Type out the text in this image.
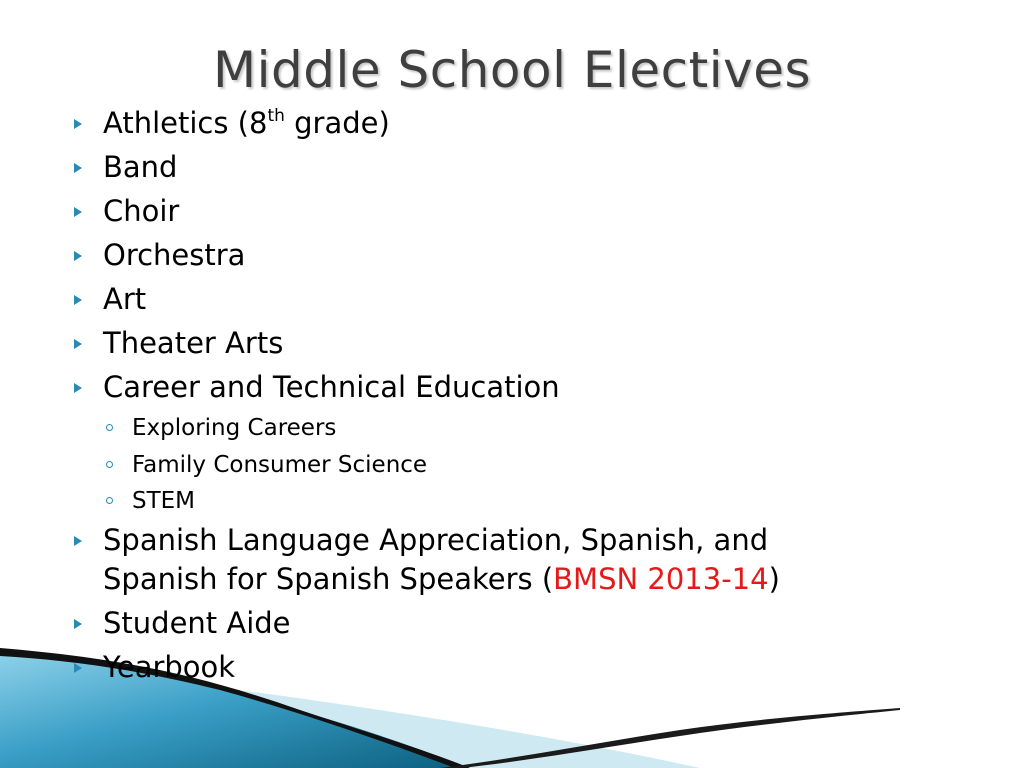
Middle School Electives
Athletics (8th grade)
Band
Choir
Orchestra
Art
Theater Arts
Career and Technical Education
Exploring Careers
Family Consumer Science
STEM
Spanish Language Appreciation, Spanish, and
Spanish for Spanish Speakers (BMSN 2013-14)
Student Aide
Yearbook
